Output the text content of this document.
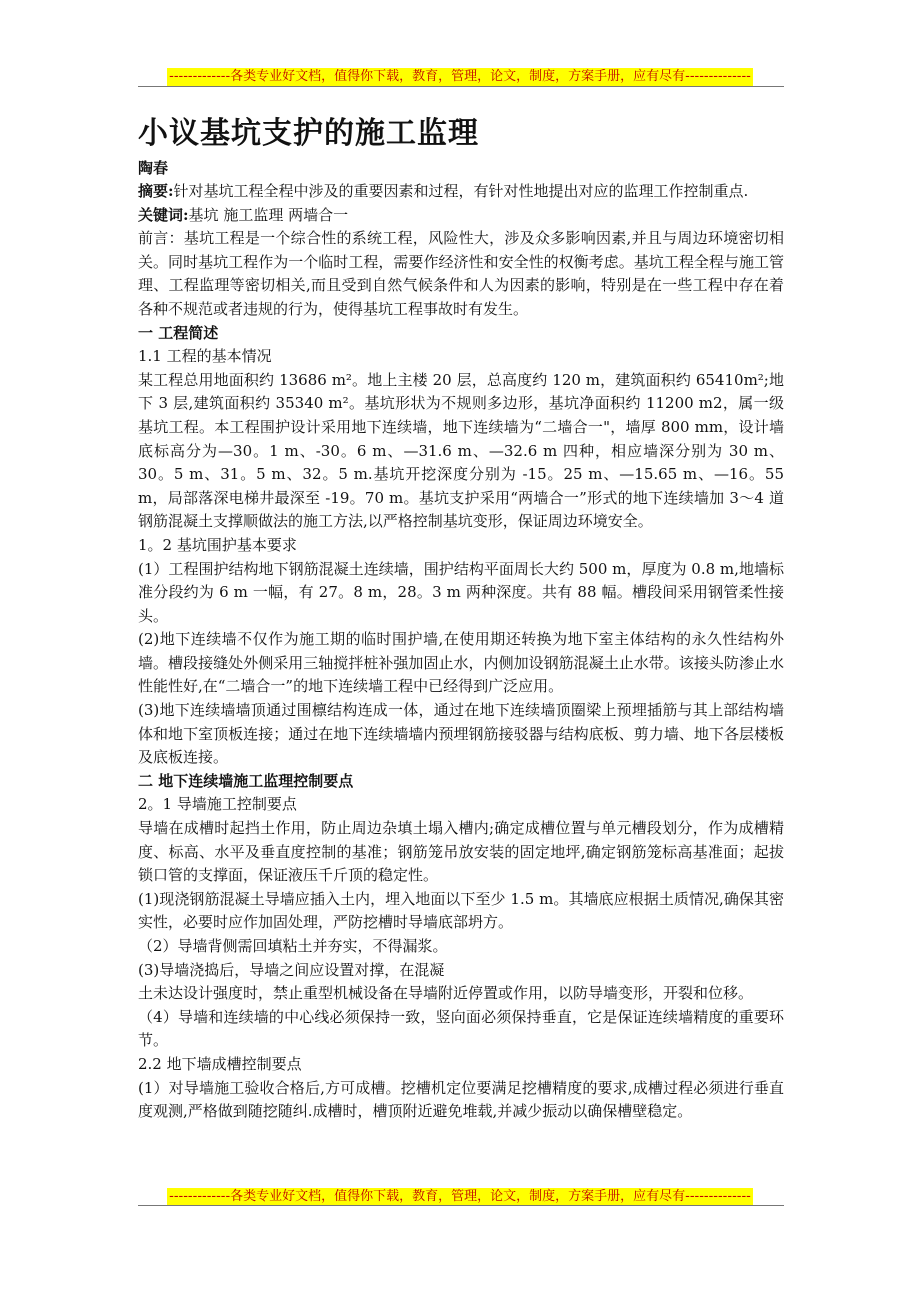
-------------各类专业好文档，值得你下载，教育，管理，论文，制度，方案手册，应有尽有--------------

小议基坑支护的施工监理

陶春

摘要:针对基坑工程全程中涉及的重要因素和过程，有针对性地提出对应的监理工作控制重点.

关键词:基坑 施工监理 两墙合一

前言：基坑工程是一个综合性的系统工程，风险性大，涉及众多影响因素,并且与周边环境密切相关。同时基坑工程作为一个临时工程，需要作经济性和安全性的权衡考虑。基坑工程全程与施工管理、工程监理等密切相关,而且受到自然气候条件和人为因素的影响，特别是在一些工程中存在着各种不规范或者违规的行为，使得基坑工程事故时有发生。

一 工程简述

1.1 工程的基本情况

某工程总用地面积约 13686 m²。地上主楼 20 层，总高度约 120 m，建筑面积约 65410m²;地下 3 层,建筑面积约 35340 m²。基坑形状为不规则多边形，基坑净面积约 11200 m2，属一级基坑工程。本工程围护设计采用地下连续墙，地下连续墙为“二墙合一"，墙厚 800 mm，设计墙底标高分为—30。1 m、-30。6 m、—31.6 m、—32.6 m 四种，相应墙深分别为 30 m、30。5 m、31。5 m、32。5 m.基坑开挖深度分别为 -15。25 m、—15.65 m、—16。55 m，局部落深电梯井最深至 -19。70 m。基坑支护采用“两墙合一”形式的地下连续墙加 3～4 道钢筋混凝土支撑顺做法的施工方法,以严格控制基坑变形，保证周边环境安全。

1。2 基坑围护基本要求

(1）工程围护结构地下钢筋混凝土连续墙，围护结构平面周长大约 500 m，厚度为 0.8 m,地墙标准分段约为 6 m 一幅，有 27。8 m，28。3 m 两种深度。共有 88 幅。槽段间采用钢管柔性接头。

(2)地下连续墙不仅作为施工期的临时围护墙,在使用期还转换为地下室主体结构的永久性结构外墙。槽段接缝处外侧采用三轴搅拌桩补强加固止水，内侧加设钢筋混凝土止水带。该接头防渗止水性能性好,在“二墙合一”的地下连续墙工程中已经得到广泛应用。

(3)地下连续墙墙顶通过围檩结构连成一体，通过在地下连续墙顶圈梁上预埋插筋与其上部结构墙体和地下室顶板连接；通过在地下连续墙墙内预埋钢筋接驳器与结构底板、剪力墙、地下各层楼板及底板连接。

二 地下连续墙施工监理控制要点

2。1 导墙施工控制要点

导墙在成槽时起挡土作用，防止周边杂填土塌入槽内;确定成槽位置与单元槽段划分，作为成槽精度、标高、水平及垂直度控制的基准；钢筋笼吊放安装的固定地坪,确定钢筋笼标高基准面；起拔锁口管的支撑面，保证液压千斤顶的稳定性。

(1)现浇钢筋混凝土导墙应插入土内，埋入地面以下至少 1.5 m。其墙底应根据土质情况,确保其密实性，必要时应作加固处理，严防挖槽时导墙底部坍方。

（2）导墙背侧需回填粘土并夯实，不得漏浆。

(3)导墙浇捣后，导墙之间应设置对撑，在混凝

土未达设计强度时，禁止重型机械设备在导墙附近停置或作用，以防导墙变形，开裂和位移。

（4）导墙和连续墙的中心线必须保持一致，竖向面必须保持垂直，它是保证连续墙精度的重要环节。

2.2 地下墙成槽控制要点

(1）对导墙施工验收合格后,方可成槽。挖槽机定位要满足挖槽精度的要求,成槽过程必须进行垂直度观测,严格做到随挖随纠.成槽时，槽顶附近避免堆载,并减少振动以确保槽壁稳定。

-------------各类专业好文档，值得你下载，教育，管理，论文，制度，方案手册，应有尽有--------------
